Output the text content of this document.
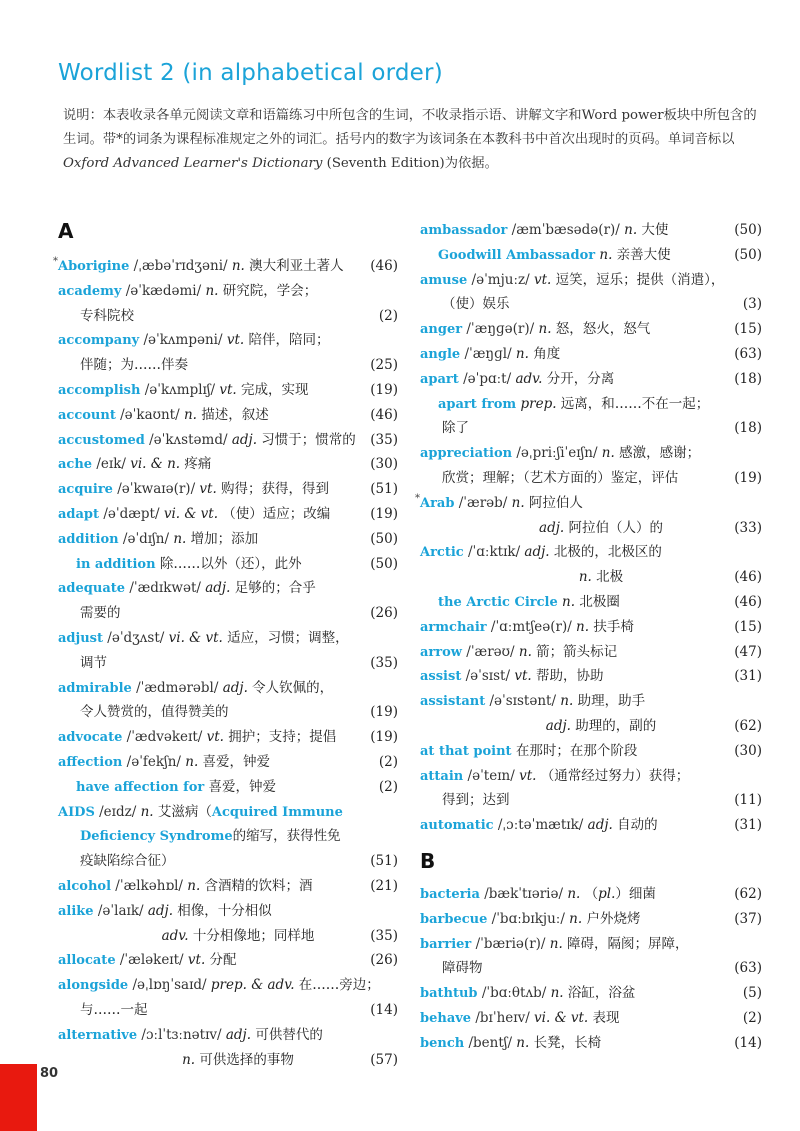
Wordlist 2 (in alphabetical order)
说明：本表收录各单元阅读文章和语篇练习中所包含的生词，不收录指示语、讲解文字和Word power板块中所包含的生词。带*的词条为课程标准规定之外的词汇。括号内的数字为该词条在本教科书中首次出现时的页码。单词音标以Oxford Advanced Learner's Dictionary (Seventh Edition)为依据。
A
* Aborigine /ˌæbəˈrɪdʒəni/ n. 澳大利亚土著人 (46)
academy /əˈkædəmi/ n. 研究院，学会；
专科院校	(2)
accompany /əˈkʌmpəni/ vt. 陪伴，陪同；
伴随；为……伴奏	(25)
accomplish /əˈkʌmplɪʃ/ vt. 完成，实现	(19)
account /əˈkaʊnt/ n. 描述，叙述	(46)
accustomed /əˈkʌstəmd/ adj. 习惯于；惯常的 (35)
ache /eɪk/ vi. & n. 疼痛	(30)
acquire /əˈkwaɪə(r)/ vt. 购得；获得，得到	(51)
adapt /əˈdæpt/ vi. & vt. （使）适应；改编	(19)
addition /əˈdɪʃn/ n. 增加；添加	(50)
in addition 除……以外（还），此外	(50)
adequate /ˈædɪkwət/ adj. 足够的；合乎
需要的	(26)
adjust /əˈdʒʌst/ vi. & vt. 适应，习惯；调整，
调节	(35)
admirable /ˈædmərəbl/ adj. 令人钦佩的，
令人赞赏的，值得赞美的	(19)
advocate /ˈædvəkeɪt/ vt. 拥护；支持；提倡	(19)
affection /əˈfekʃn/ n. 喜爱，钟爱	(2)
have affection for 喜爱，钟爱	(2)
AIDS /eɪdz/ n. 艾滋病（Acquired Immune
Deficiency Syndrome的缩写，获得性免
疫缺陷综合征）	(51)
alcohol /ˈælkəhɒl/ n. 含酒精的饮料；酒	(21)
alike /əˈlaɪk/ adj. 相像，十分相似
adv. 十分相像地；同样地	(35)
allocate /ˈæləkeɪt/ vt. 分配	(26)
alongside /əˌlɒŋˈsaɪd/ prep. & adv. 在……旁边；
与……一起	(14)
alternative /ɔːlˈtɜːnətɪv/ adj. 可供替代的
n. 可供选择的事物	(57)
ambassador /æmˈbæsədə(r)/ n. 大使	(50)
Goodwill Ambassador n. 亲善大使	(50)
amuse /əˈmjuːz/ vt. 逗笑，逗乐；提供（消遣），
（使）娱乐	(3)
anger /ˈæŋɡə(r)/ n. 怒，怒火，怒气	(15)
angle /ˈæŋɡl/ n. 角度	(63)
apart /əˈpɑːt/ adv. 分开，分离	(18)
apart from prep. 远离，和……不在一起；
除了	(18)
appreciation /əˌpriːʃiˈeɪʃn/ n. 感激，感谢；
欣赏；理解；（艺术方面的）鉴定，评估	(19)
* Arab /ˈærəb/ n. 阿拉伯人
adj. 阿拉伯（人）的	(33)
Arctic /ˈɑːktɪk/ adj. 北极的，北极区的
n. 北极	(46)
the Arctic Circle n. 北极圈	(46)
armchair /ˈɑːmtʃeə(r)/ n. 扶手椅	(15)
arrow /ˈærəʊ/ n. 箭；箭头标记	(47)
assist /əˈsɪst/ vt. 帮助，协助	(31)
assistant /əˈsɪstənt/ n. 助理，助手
adj. 助理的，副的	(62)
at that point 在那时；在那个阶段	(30)
attain /əˈteɪn/ vt. （通常经过努力）获得；
得到；达到	(11)
automatic /ˌɔːtəˈmætɪk/ adj. 自动的	(31)
B
bacteria /bækˈtɪəriə/ n. （pl.）细菌	(62)
barbecue /ˈbɑːbɪkjuː/ n. 户外烧烤	(37)
barrier /ˈbæriə(r)/ n. 障碍，隔阂；屏障，
障碍物	(63)
bathtub /ˈbɑːθtʌb/ n. 浴缸，浴盆	(5)
behave /bɪˈheɪv/ vi. & vt. 表现	(2)
bench /bentʃ/ n. 长凳，长椅	(14)
80
